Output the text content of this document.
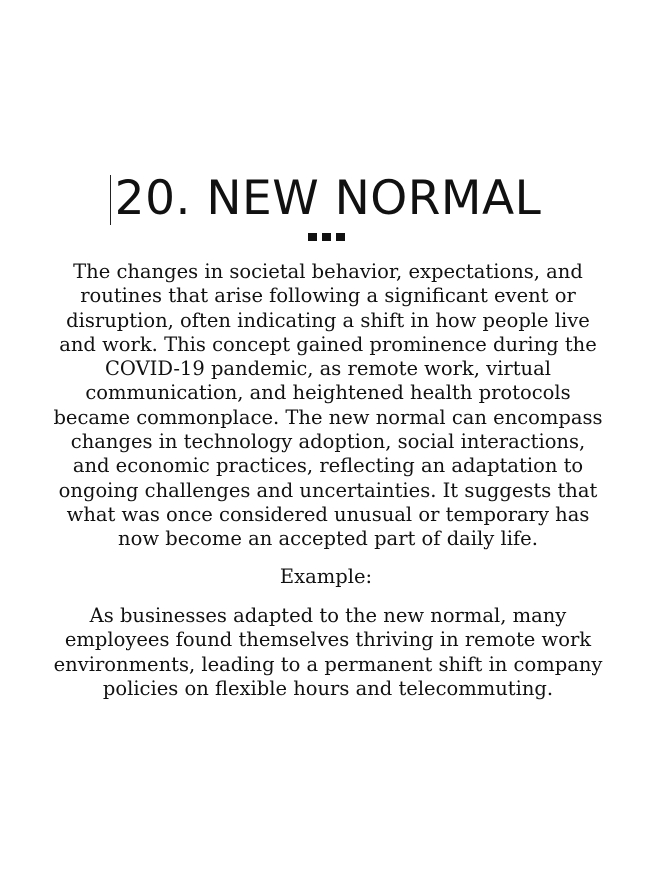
20. NEW NORMAL

The changes in societal behavior, expectations, and routines that arise following a significant event or disruption, often indicating a shift in how people live and work. This concept gained prominence during the COVID-19 pandemic, as remote work, virtual communication, and heightened health protocols became commonplace. The new normal can encompass changes in technology adoption, social interactions, and economic practices, reflecting an adaptation to ongoing challenges and uncertainties. It suggests that what was once considered unusual or temporary has now become an accepted part of daily life.

Example:

As businesses adapted to the new normal, many employees found themselves thriving in remote work environments, leading to a permanent shift in company policies on flexible hours and telecommuting.
